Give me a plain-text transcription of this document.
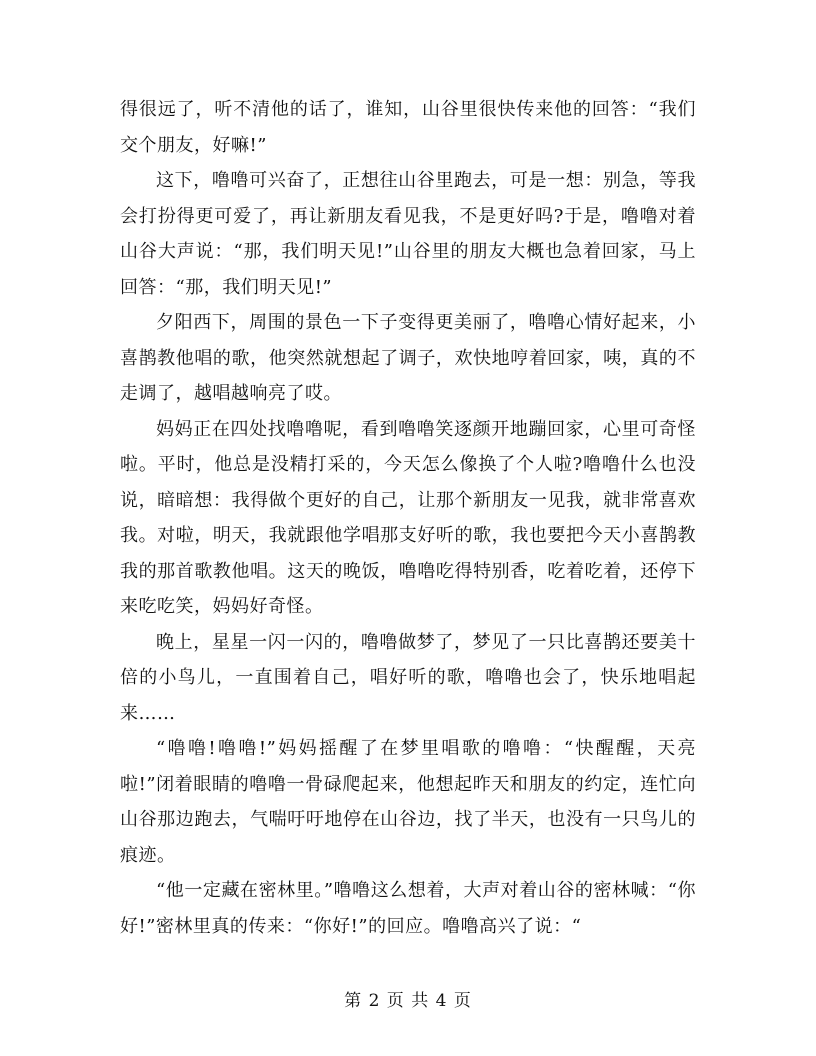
得很远了，听不清他的话了，谁知，山谷里很快传来他的回答：“我们交个朋友，好嘛!”

这下，噜噜可兴奋了，正想往山谷里跑去，可是一想：别急，等我会打扮得更可爱了，再让新朋友看见我，不是更好吗?于是，噜噜对着山谷大声说：“那，我们明天见!”山谷里的朋友大概也急着回家，马上回答：“那，我们明天见!”

夕阳西下，周围的景色一下子变得更美丽了，噜噜心情好起来，小喜鹊教他唱的歌，他突然就想起了调子，欢快地哼着回家，咦，真的不走调了，越唱越响亮了哎。

妈妈正在四处找噜噜呢，看到噜噜笑逐颜开地蹦回家，心里可奇怪啦。平时，他总是没精打采的，今天怎么像换了个人啦?噜噜什么也没说，暗暗想：我得做个更好的自己，让那个新朋友一见我，就非常喜欢我。对啦，明天，我就跟他学唱那支好听的歌，我也要把今天小喜鹊教我的那首歌教他唱。这天的晚饭，噜噜吃得特别香，吃着吃着，还停下来吃吃笑，妈妈好奇怪。

晚上，星星一闪一闪的，噜噜做梦了，梦见了一只比喜鹊还要美十倍的小鸟儿，一直围着自己，唱好听的歌，噜噜也会了，快乐地唱起来……

“噜噜!噜噜!”妈妈摇醒了在梦里唱歌的噜噜：“快醒醒，天亮啦!”闭着眼睛的噜噜一骨碌爬起来，他想起昨天和朋友的约定，连忙向山谷那边跑去，气喘吁吁地停在山谷边，找了半天，也没有一只鸟儿的痕迹。

“他一定藏在密林里。”噜噜这么想着，大声对着山谷的密林喊：“你好!”密林里真的传来：“你好!”的回应。噜噜高兴了说：“

第 2 页 共 4 页
